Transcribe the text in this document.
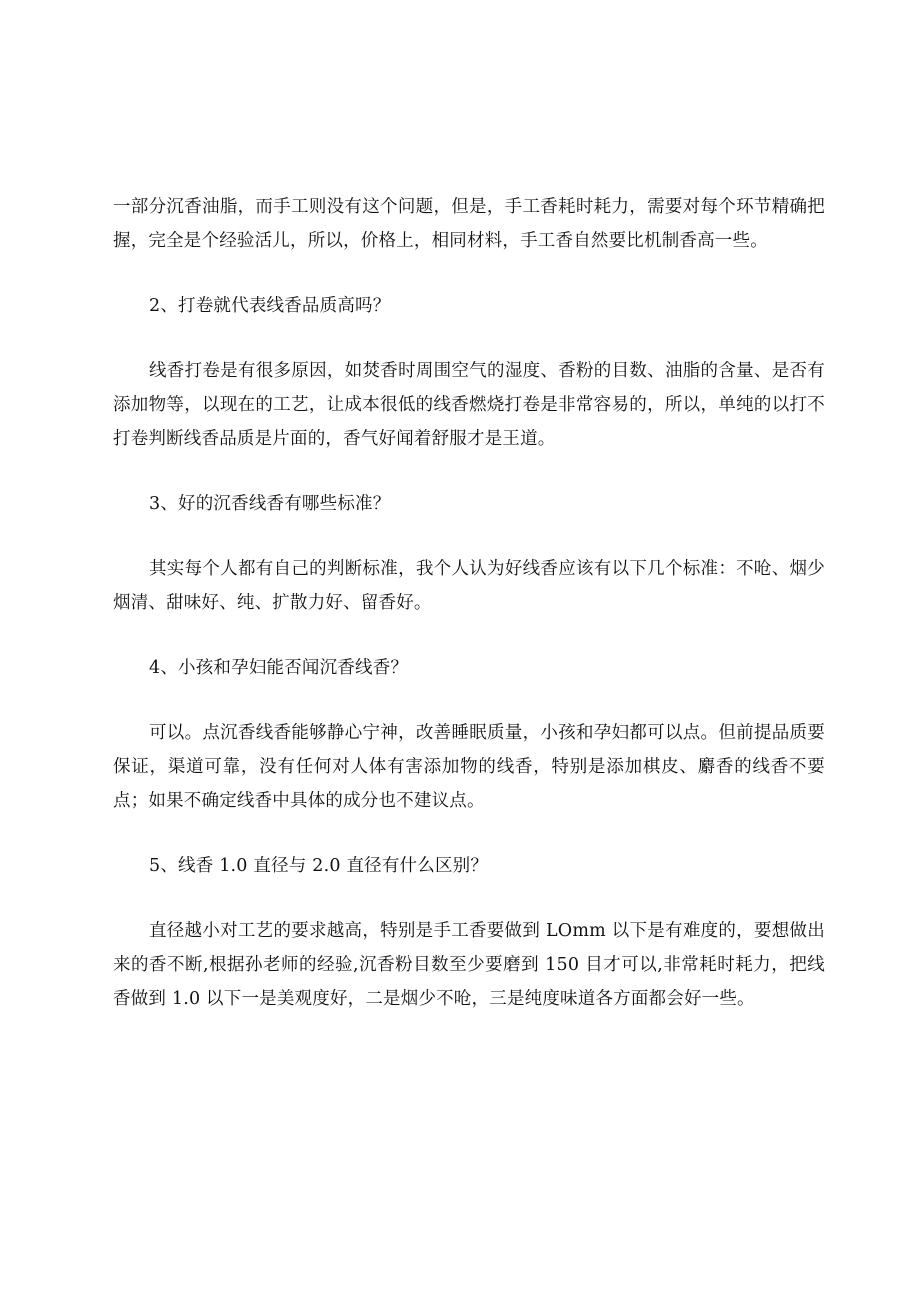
一部分沉香油脂，而手工则没有这个问题，但是，手工香耗时耗力，需要对每个环节精确把握，完全是个经验活儿，所以，价格上，相同材料，手工香自然要比机制香高一些。

2、打卷就代表线香品质高吗？

线香打卷是有很多原因，如焚香时周围空气的湿度、香粉的目数、油脂的含量、是否有添加物等，以现在的工艺，让成本很低的线香燃烧打卷是非常容易的，所以，单纯的以打不打卷判断线香品质是片面的，香气好闻着舒服才是王道。

3、好的沉香线香有哪些标准？

其实每个人都有自己的判断标准，我个人认为好线香应该有以下几个标准：不呛、烟少烟清、甜味好、纯、扩散力好、留香好。

4、小孩和孕妇能否闻沉香线香？

可以。点沉香线香能够静心宁神，改善睡眠质量，小孩和孕妇都可以点。但前提品质要保证，渠道可靠，没有任何对人体有害添加物的线香，特别是添加棋皮、麝香的线香不要点；如果不确定线香中具体的成分也不建议点。

5、线香 1.0 直径与 2.0 直径有什么区别？

直径越小对工艺的要求越高，特别是手工香要做到 LOmm 以下是有难度的，要想做出来的香不断,根据孙老师的经验,沉香粉目数至少要磨到 150 目才可以,非常耗时耗力，把线香做到 1.0 以下一是美观度好，二是烟少不呛，三是纯度味道各方面都会好一些。
